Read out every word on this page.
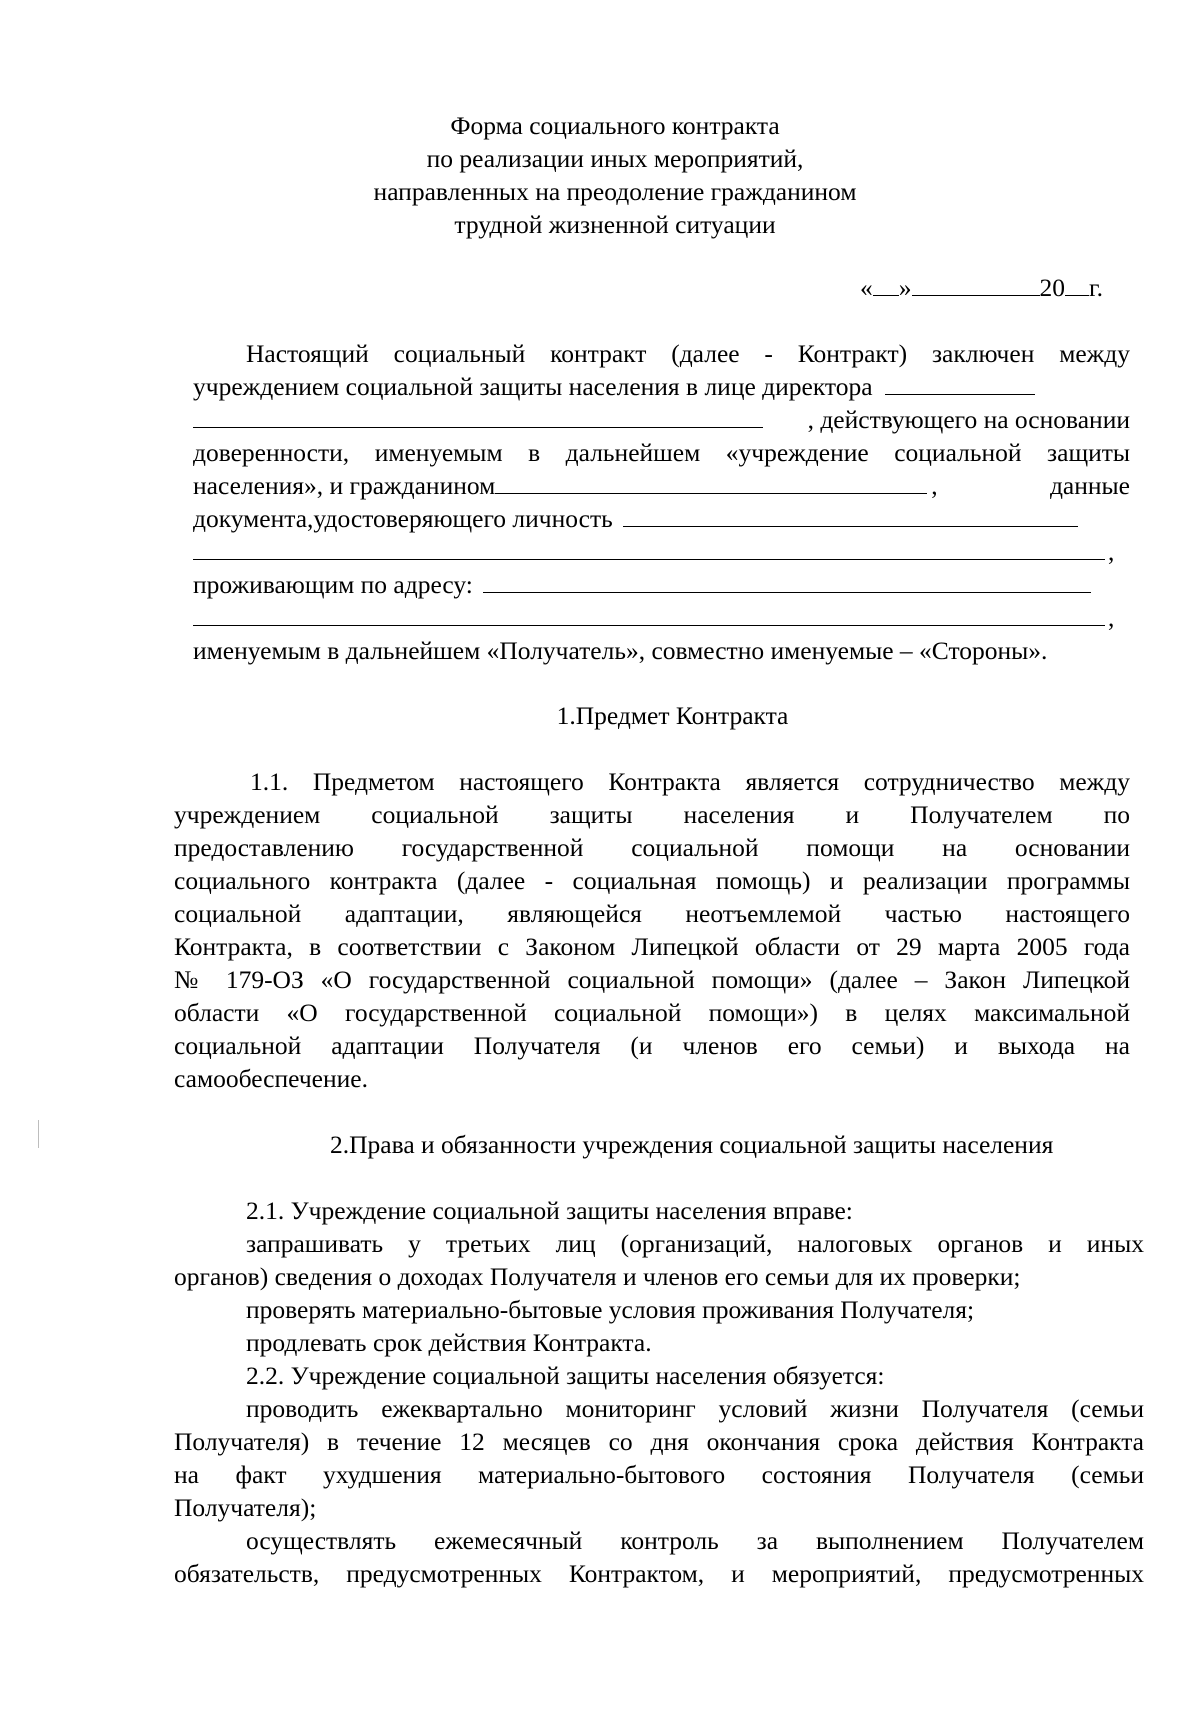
Форма социального контракта
по реализации иных мероприятий,
направленных на преодоление гражданином
трудной жизненной ситуации
« »	20 г.
Настоящий социальный контракт (далее - Контракт) заключен между
учреждением социальной защиты населения в лице директора
, действующего на основании
доверенности, именуемым в дальнейшем «учреждение социальной защиты
населения», и гражданином	,	данные
документа,удостоверяющего личность
,
проживающим по адресу:
,
именуемым в дальнейшем «Получатель», совместно именуемые – «Стороны».
1.Предмет Контракта
1.1. Предметом настоящего Контракта является сотрудничество между
учреждением социальной защиты населения и Получателем по
предоставлению государственной социальной помощи на основании
социального контракта (далее - социальная помощь) и реализации программы
социальной адаптации, являющейся неотъемлемой частью настоящего
Контракта, в соответствии с Законом Липецкой области от 29 марта 2005 года
№ 179-ОЗ «О государственной социальной помощи» (далее – Закон Липецкой
области «О государственной социальной помощи») в целях максимальной
социальной адаптации Получателя (и членов его семьи) и выхода на
самообеспечение.
2.Права и обязанности учреждения социальной защиты населения
2.1. Учреждение социальной защиты населения вправе:
запрашивать у третьих лиц (организаций, налоговых органов и иных
органов) сведения о доходах Получателя и членов его семьи для их проверки;
проверять материально-бытовые условия проживания Получателя;
продлевать срок действия Контракта.
2.2. Учреждение социальной защиты населения обязуется:
проводить ежеквартально мониторинг условий жизни Получателя (семьи
Получателя) в течение 12 месяцев со дня окончания срока действия Контракта
на факт ухудшения материально-бытового состояния Получателя (семьи
Получателя);
осуществлять ежемесячный контроль за выполнением Получателем
обязательств, предусмотренных Контрактом, и мероприятий, предусмотренных
